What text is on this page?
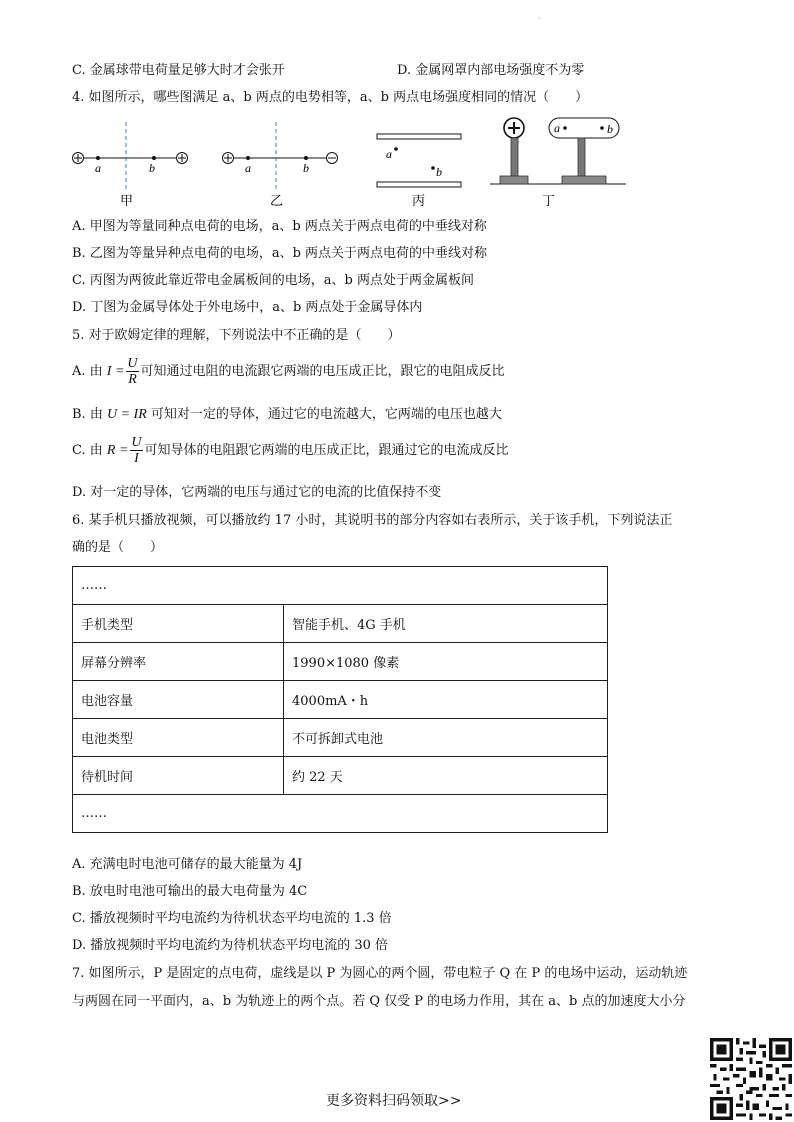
·
C. 金属球带电荷量足够大时才会张开	D. 金属网罩内部电场强度不为零
4. 如图所示，哪些图满足 a、b 两点的电势相等，a、b 两点电场强度相同的情况（　　）
a	b
甲
a	b
乙
a
b
丙
a	b
丁
A. 甲图为等量同种点电荷的电场，a、b 两点关于两点电荷的中垂线对称
B. 乙图为等量异种点电荷的电场，a、b 两点关于两点电荷的中垂线对称
C. 丙图为两彼此靠近带电金属板间的电场，a、b 两点处于两金属板间
D. 丁图为金属导体处于外电场中，a、b 两点处于金属导体内
5. 对于欧姆定律的理解，下列说法中不正确的是（　　）
A. 由 $I = \frac{U}{R}$ 可知通过电阻的电流跟它两端的电压成正比，跟它的电阻成反比
B. 由 U = IR 可知对一定的导体，通过它的电流越大，它两端的电压也越大
C. 由 $R = \frac{U}{I}$ 可知导体的电阻跟它两端的电压成正比，跟通过它的电流成反比
D. 对一定的导体，它两端的电压与通过它的电流的比值保持不变
6. 某手机只播放视频，可以播放约 17 小时，其说明书的部分内容如右表所示，关于该手机，下列说法正
确的是（　　）
……	
手机类型	智能手机、4G 手机
屏幕分辨率	1990×1080 像素
电池容量	4000mA・h
电池类型	不可拆卸式电池
待机时间	约 22 天
……	
A. 充满电时电池可储存的最大能量为 4J
B. 放电时电池可输出的最大电荷量为 4C
C. 播放视频时平均电流约为待机状态平均电流的 1.3 倍
D. 播放视频时平均电流约为待机状态平均电流的 30 倍
7. 如图所示，P 是固定的点电荷，虚线是以 P 为圆心的两个圆，带电粒子 Q 在 P 的电场中运动，运动轨迹
与两圆在同一平面内，a、b 为轨迹上的两个点。若 Q 仅受 P 的电场力作用，其在 a、b 点的加速度大小分
更多资料扫码领取>>
